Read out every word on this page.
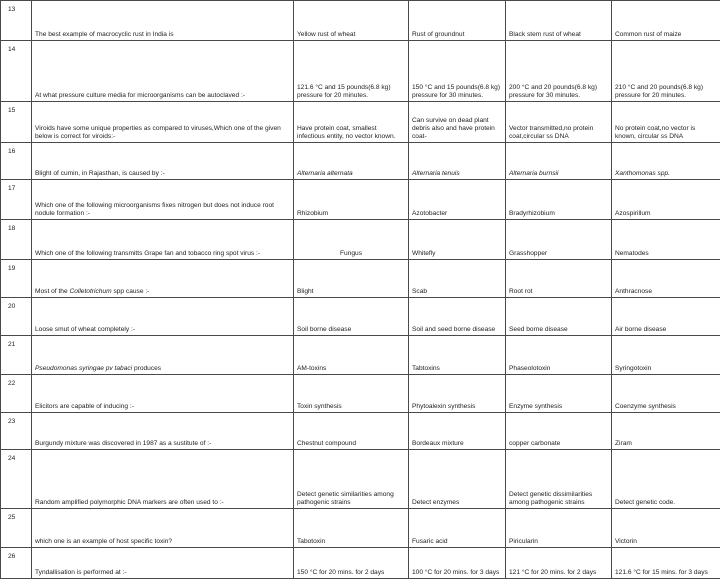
13	The best example of macrocyclic rust in India is	Yellow rust of wheat	Rust of groundnut	Black stem rust of wheat	Common rust of maize
14	At what pressure culture media for microorganisms can be autoclaved :-	121.6 °C and 15 pounds(6.8 kg) pressure for 20 minutes.	150 °C and 15 pounds(6.8 kg) pressure for 30 minutes.	200 °C and 20 pounds(6.8 kg) pressure for 30 minutes.	210 °C and 20 pounds(6.8 kg) pressure for 20 minutes.
15	Viroids have some unique properties as compared to viruses,Which one of the given below is correct for viroids:-	Have protein coat, smallest infectious entity, no vector known.	Can survive on dead plant debris also and have protein coat-	Vector transmitted,no protein coat,circular ss DNA	No protein coat,no vector is known, circular ss DNA
16	Blight of cumin, in Rajasthan, is caused by :-	Alternaria alternata	Alternaria tenuis	Alternaria burnsii	Xanthomonas spp.
17	Which one of the following microorganisms fixes nitrogen but does not induce root nodule formation :-	Rhizobium	Azotobacter	Bradyrhizobium	Azospirillum
18	Which one of the following transmitts Grape fan and tobacco ring spot virus :-	Fungus	Whitefly	Grasshopper	Nematodes
19	Most of the Colletotrichum spp cause :-	Blight	Scab	Root rot	Anthracnose
20	Loose smut of wheat completely :-	Soil borne disease	Soil and seed borne disease	Seed borne disease	Air borne disease
21	Pseudomonas syringae pv tabaci produces	AM-toxins	Tabtoxins	Phaseolotoxin	Syringotoxin
22	Elicitors are capable of inducing :-	Toxin synthesis	Phytoalexin synthesis	Enzyme synthesis	Coenzyme synthesis
23	Burgundy mixture was discovered in 1987 as a sustitute of :-	Chestnut compound	Bordeaux mixture	copper carbonate	Ziram
24	Random amplified polymorphic DNA markers are often used to :-	Detect genetic similarities among pathogenic strains	Detect enzymes	Detect genetic dissimilarities among pathogenic strains	Detect genetic code.
25	which one is an example of host specific toxin?	Tabotoxin	Fusaric acid	Piricularin	Victorin
26	Tyndallisation is performed at :-	150 °C for 20 mins. for 2 days	100 °C for 20 mins. for 3 days	121 °C for 20 mins. for 2 days	121.6 °C for 15 mins. for 3 days
